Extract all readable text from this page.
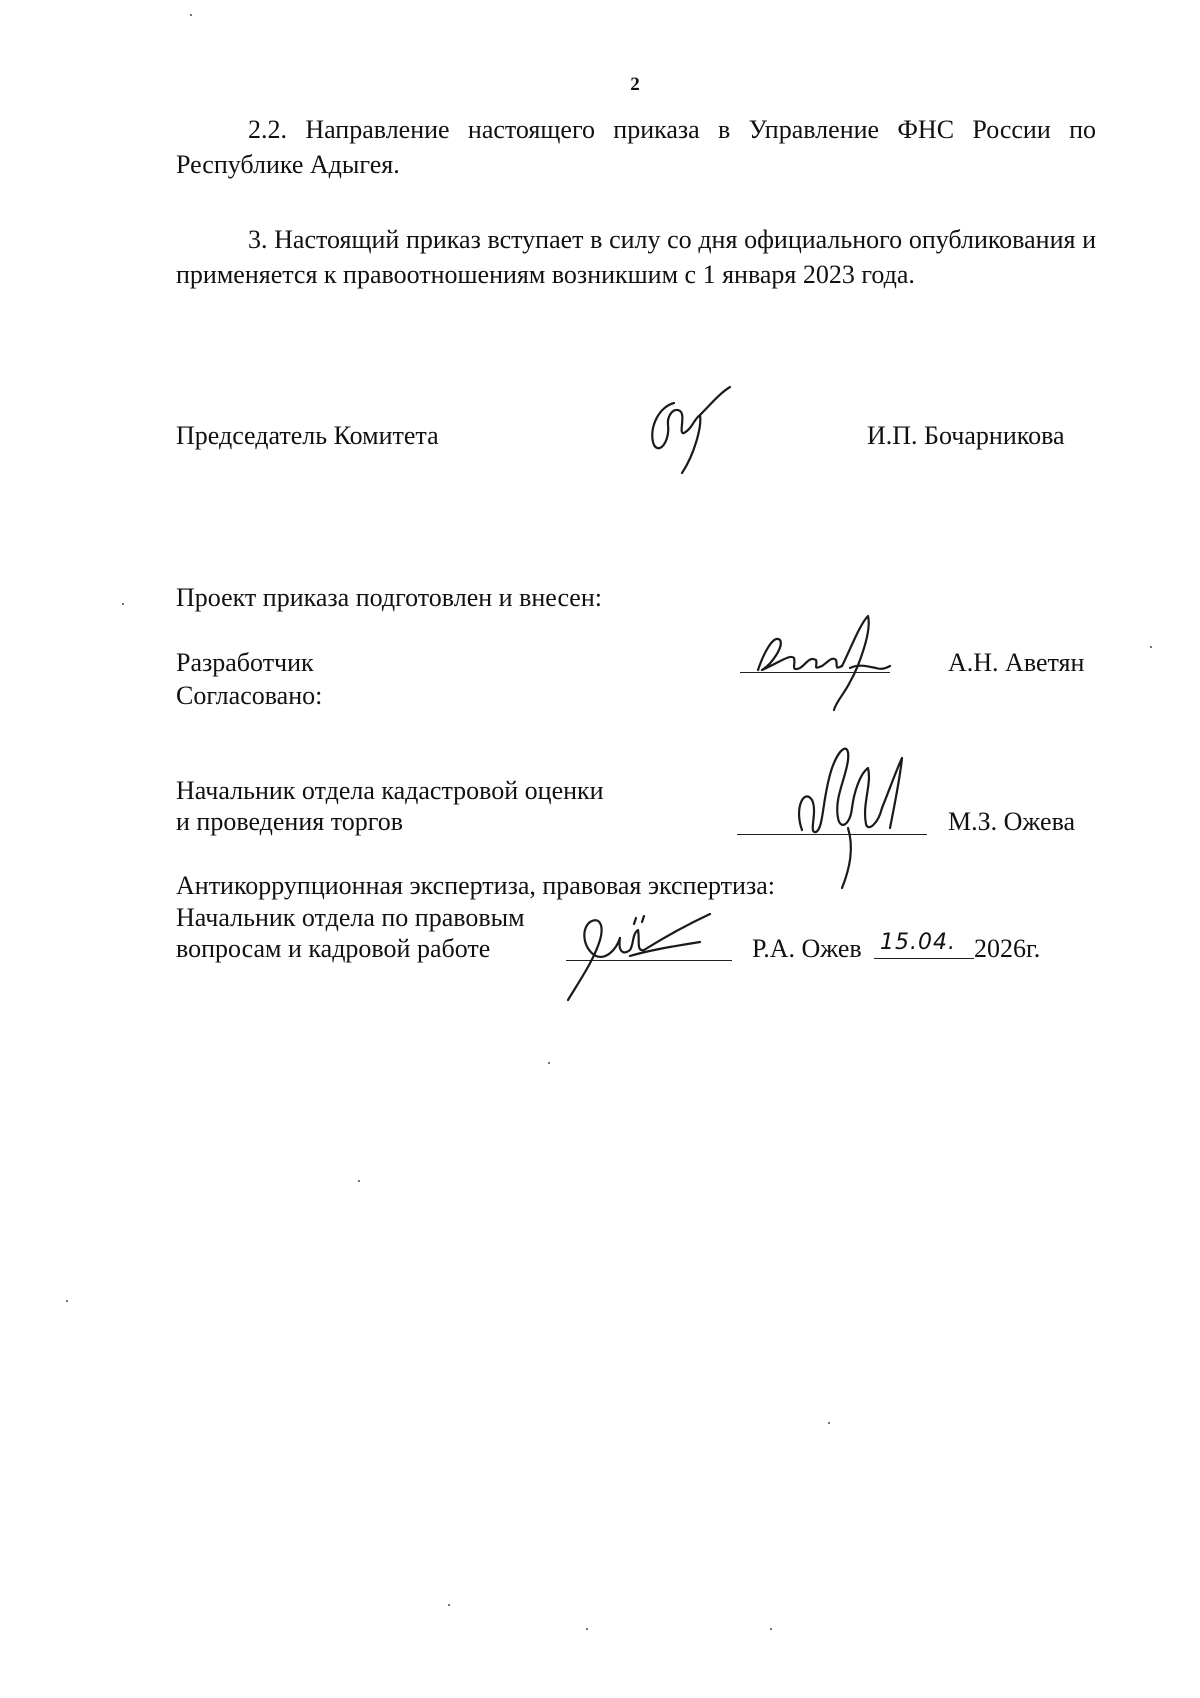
2
2.2. Направление настоящего приказа в Управление ФНС России по Республике Адыгея.
3. Настоящий приказ вступает в силу со дня официального опубликования и применяется к правоотношениям возникшим с 1 января 2023 года.
Председатель Комитета	И.П. Бочарникова
Проект приказа подготовлен и внесен:
Разработчик	А.Н. Аветян
Согласовано:
Начальник отдела кадастровой оценки
и проведения торгов	М.З. Ожева
Антикоррупционная экспертиза, правовая экспертиза:
Начальник отдела по правовым
вопросам и кадровой работе	Р.А. Ожев 15.04. 2026г.
